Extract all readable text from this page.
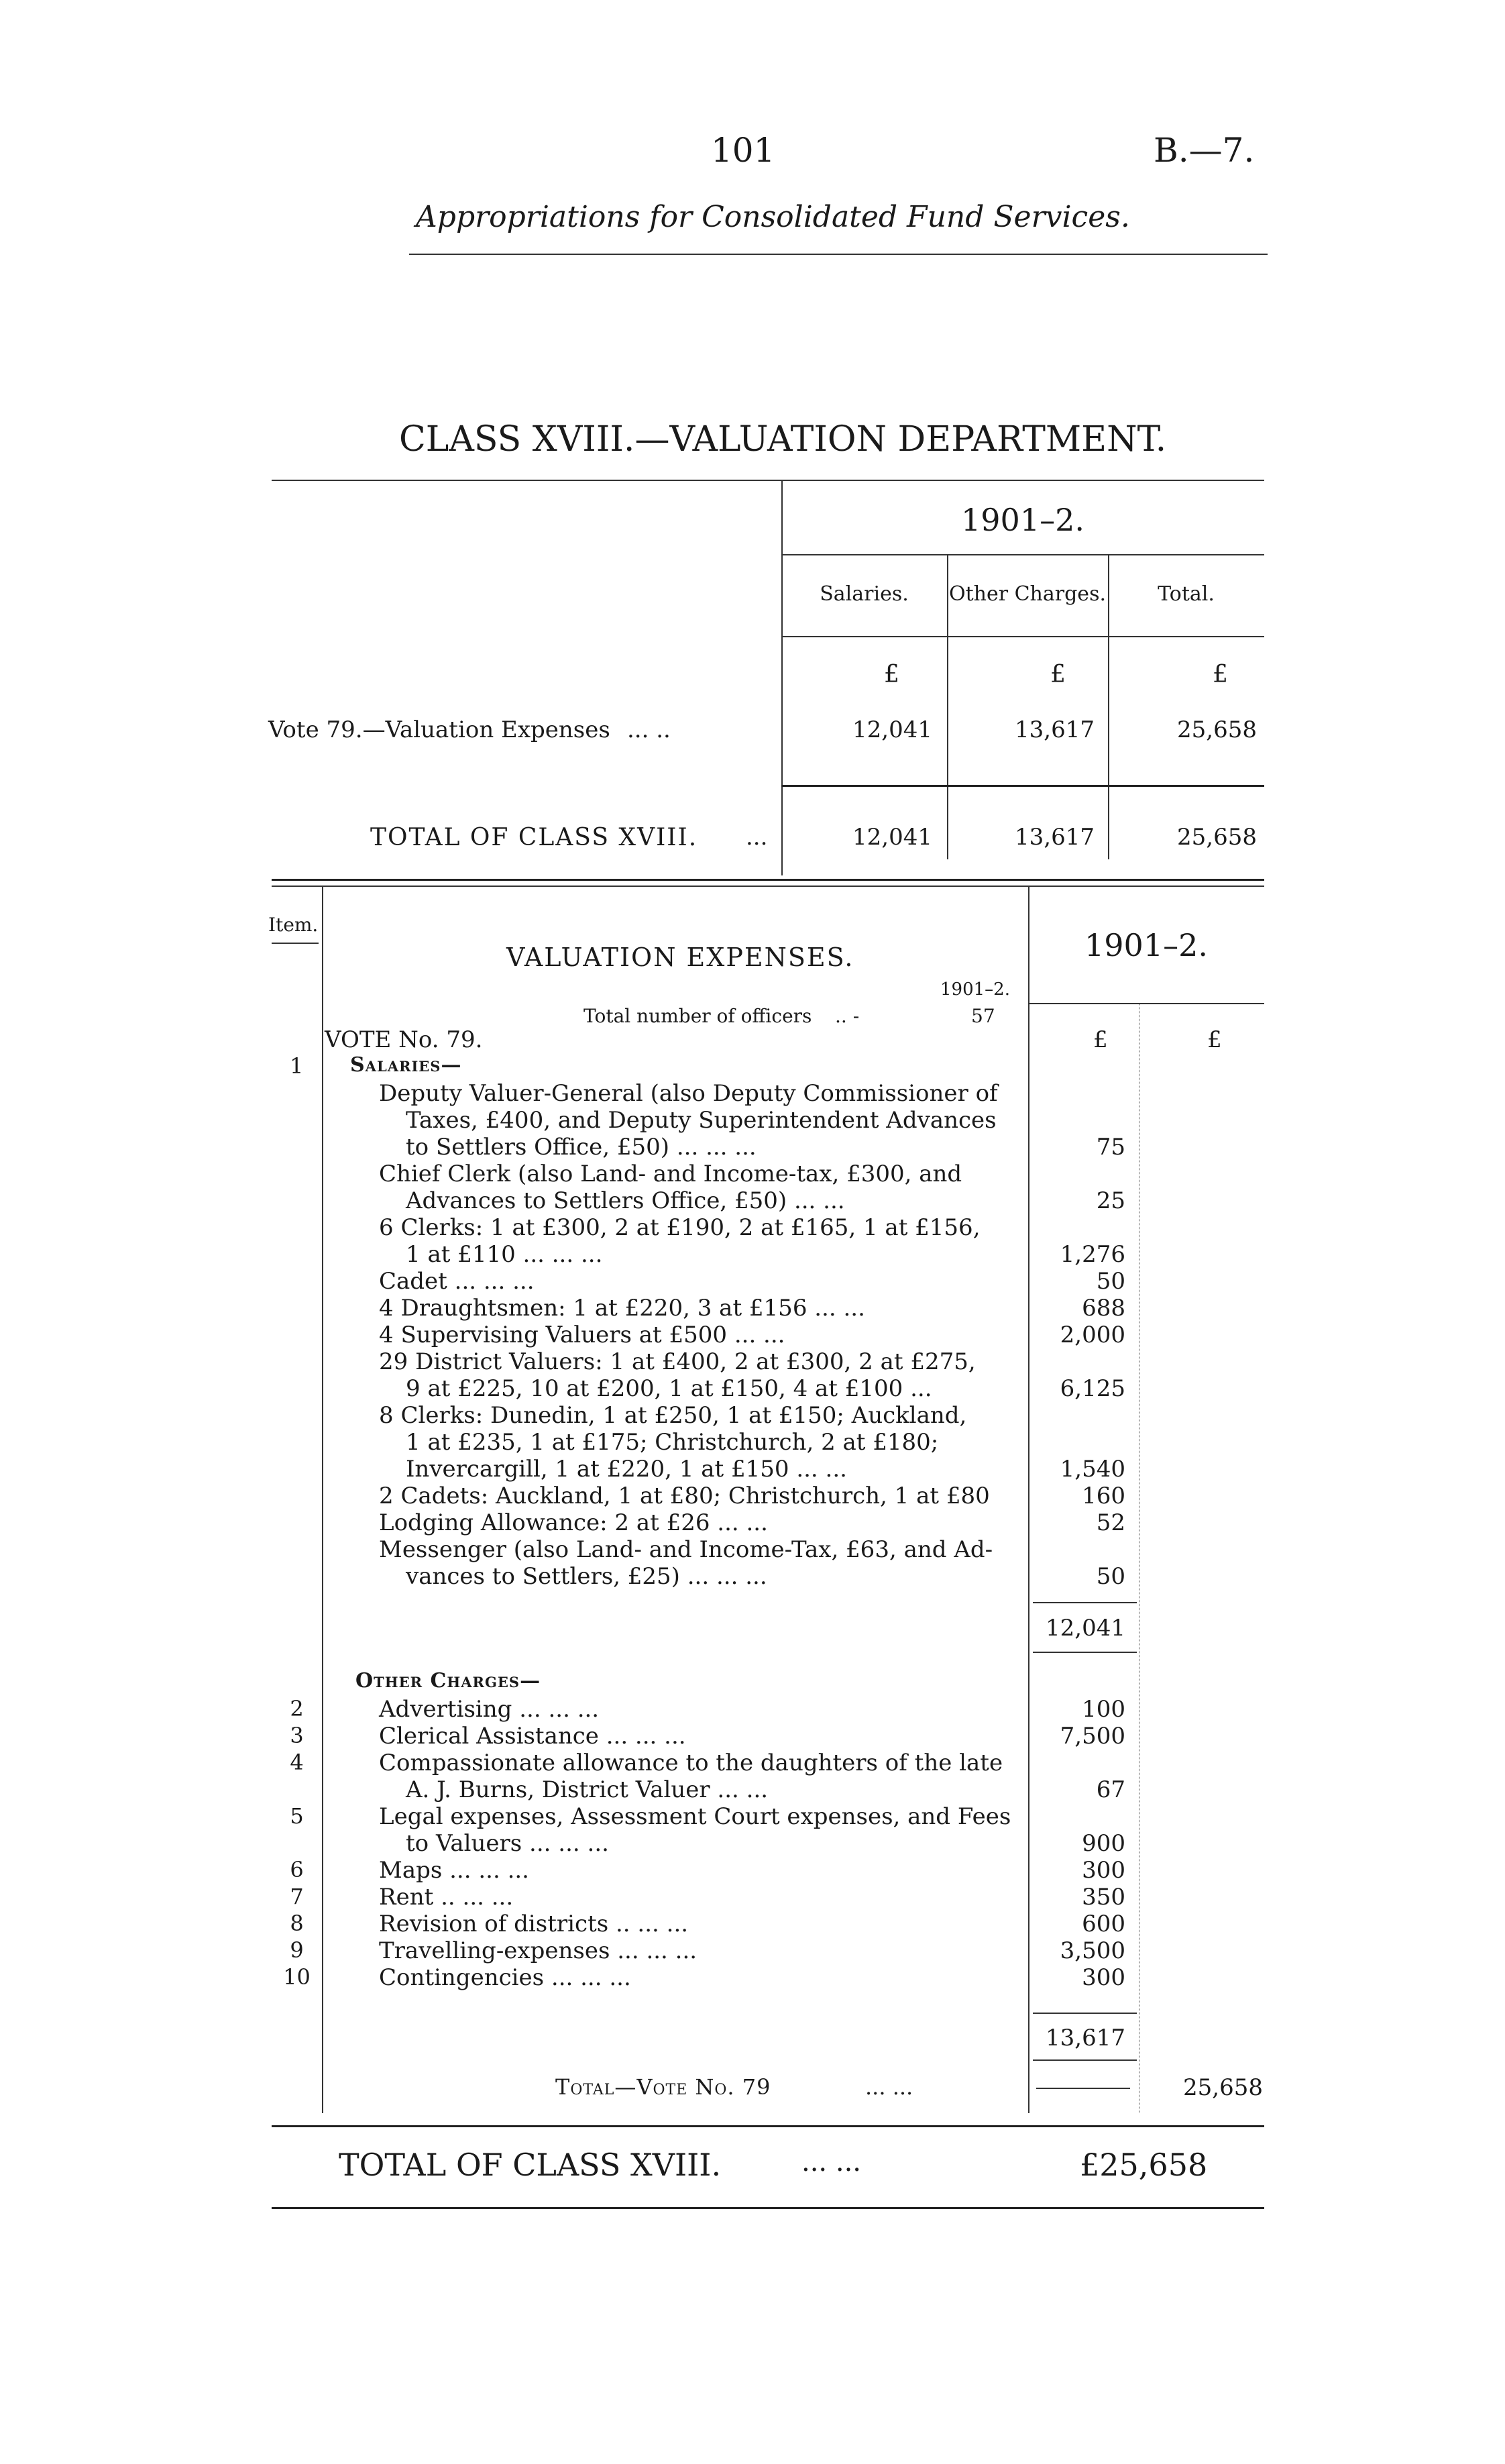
101	B.—7.
Appropriations for Consolidated Fund Services.
CLASS XVIII.—VALUATION DEPARTMENT.
1901–2.
Salaries.	Other Charges.	Total.
£	£	£
Vote 79.—Valuation Expenses ... ..	12,041	13,617	25,658
TOTAL OF CLASS XVIII. ...	12,041	13,617	25,658
Item.
VALUATION EXPENSES.	1901–2.
1901–2.
Total number of officers .. -	57
£	£
VOTE No. 79.
1 Salaries—
Deputy Valuer-General (also Deputy Commissioner of
Taxes, £400, and Deputy Superintendent Advances
to Settlers Office, £50) ... ... ...	75
Chief Clerk (also Land- and Income-tax, £300, and
Advances to Settlers Office, £50) ... ...	25
6 Clerks: 1 at £300, 2 at £190, 2 at £165, 1 at £156,
1 at £110 ... ... ...	1,276
Cadet ... ... ...	50
4 Draughtsmen: 1 at £220, 3 at £156 ... ...	688
4 Supervising Valuers at £500 ... ...	2,000
29 District Valuers: 1 at £400, 2 at £300, 2 at £275,
9 at £225, 10 at £200, 1 at £150, 4 at £100 ...	6,125
8 Clerks: Dunedin, 1 at £250, 1 at £150; Auckland,
1 at £235, 1 at £175; Christchurch, 2 at £180;
Invercargill, 1 at £220, 1 at £150 ... ...	1,540
2 Cadets: Auckland, 1 at £80; Christchurch, 1 at £80	160
Lodging Allowance: 2 at £26 ... ...	52
Messenger (also Land- and Income-Tax, £63, and Ad-
vances to Settlers, £25) ... ... ...	50
12,041
Other Charges—
2	Advertising ... ... ...	100
3	Clerical Assistance ... ... ...	7,500
4	Compassionate allowance to the daughters of the late
A. J. Burns, District Valuer ... ...	67
5	Legal expenses, Assessment Court expenses, and Fees
to Valuers ... ... ...	900
6	Maps ... ... ...	300
7	Rent .. ... ...	350
8	Revision of districts .. ... ...	600
9	Travelling-expenses ... ... ...	3,500
10	Contingencies ... ... ...	300
13,617
Total—Vote No. 79	... ...	25,658
TOTAL OF CLASS XVIII.	... ...	£25,658
